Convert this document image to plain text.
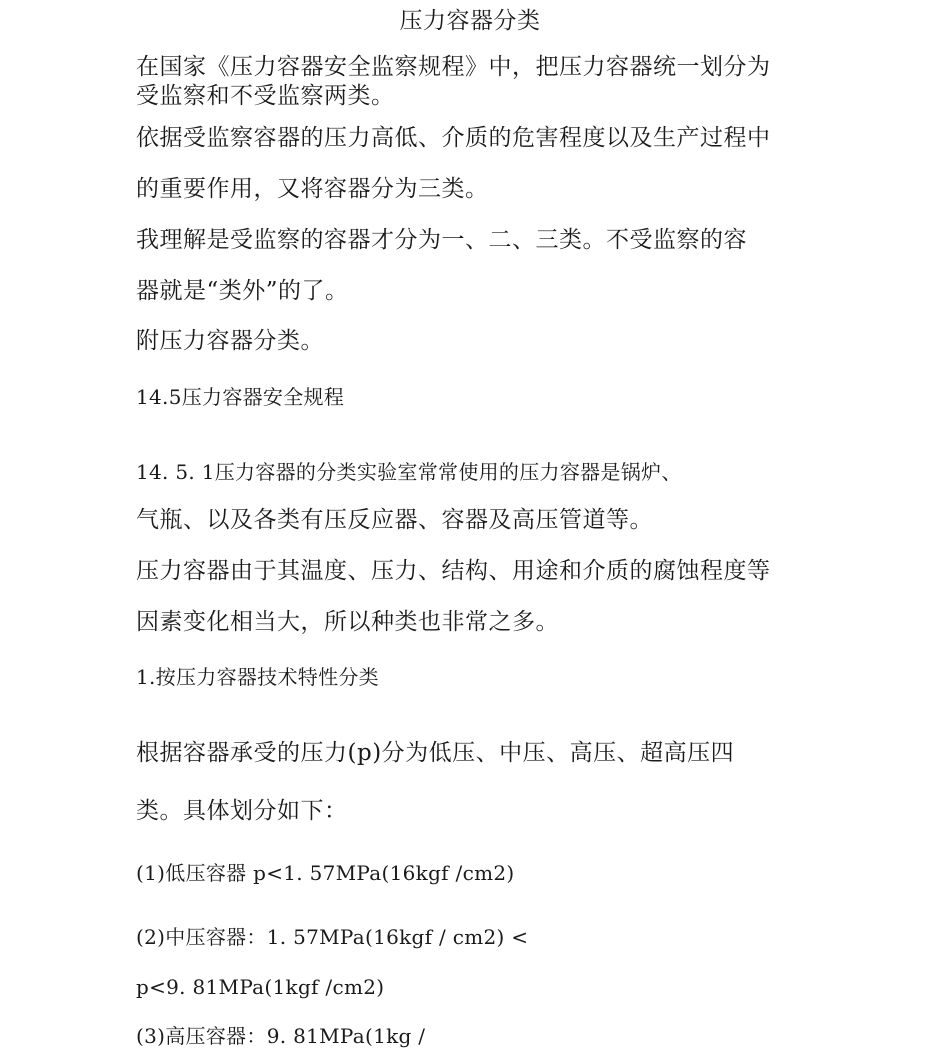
压力容器分类
在国家《压力容器安全监察规程》中，把压力容器统一划分为
受监察和不受监察两类。
依据受监察容器的压力高低、介质的危害程度以及生产过程中
的重要作用，又将容器分为三类。
我理解是受监察的容器才分为一、二、三类。不受监察的容
器就是“类外”的了。
附压力容器分类。
14.5压力容器安全规程
14. 5. 1压力容器的分类实验室常常使用的压力容器是锅炉、
气瓶、以及各类有压反应器、容器及高压管道等。
压力容器由于其温度、压力、结构、用途和介质的腐蚀程度等
因素变化相当大，所以种类也非常之多。
1.按压力容器技术特性分类
根据容器承受的压力(p)分为低压、中压、高压、超高压四
类。具体划分如下：
(1)低压容器 p<1. 57MPa(16kgf /cm2)
(2)中压容器：1. 57MPa(16kgf / cm2) <
p<9. 81MPa(1kgf /cm2)
(3)高压容器：9. 81MPa(1kg /
